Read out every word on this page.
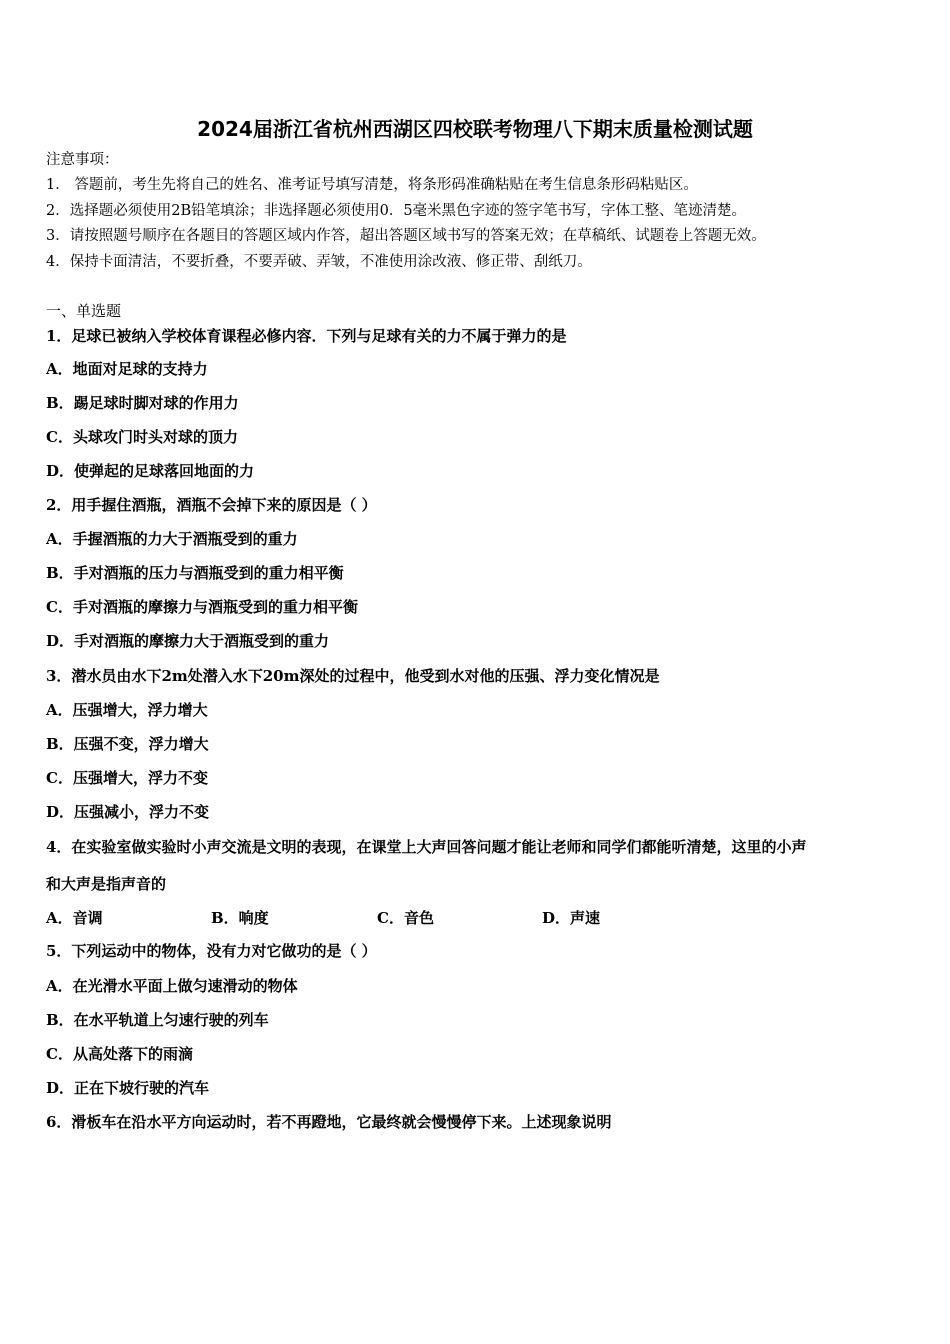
2024届浙江省杭州西湖区四校联考物理八下期末质量检测试题
注意事项：
1． 答题前，考生先将自己的姓名、准考证号填写清楚，将条形码准确粘贴在考生信息条形码粘贴区。
2．选择题必须使用2B铅笔填涂；非选择题必须使用0．5毫米黑色字迹的签字笔书写，字体工整、笔迹清楚。
3．请按照题号顺序在各题目的答题区域内作答，超出答题区域书写的答案无效；在草稿纸、试题卷上答题无效。
4．保持卡面清洁，不要折叠，不要弄破、弄皱，不准使用涂改液、修正带、刮纸刀。
一、单选题
1．足球已被纳入学校体育课程必修内容．下列与足球有关的力不属于弹力的是
A．地面对足球的支持力
B．踢足球时脚对球的作用力
C．头球攻门时头对球的顶力
D．使弹起的足球落回地面的力
2．用手握住酒瓶，酒瓶不会掉下来的原因是（ ）
A．手握酒瓶的力大于酒瓶受到的重力
B．手对酒瓶的压力与酒瓶受到的重力相平衡
C．手对酒瓶的摩擦力与酒瓶受到的重力相平衡
D．手对酒瓶的摩擦力大于酒瓶受到的重力
3．潜水员由水下2m处潜入水下20m深处的过程中，他受到水对他的压强、浮力变化情况是
A．压强增大，浮力增大
B．压强不变，浮力增大
C．压强增大，浮力不变
D．压强减小，浮力不变
4．在实验室做实验时小声交流是文明的表现，在课堂上大声回答问题才能让老师和同学们都能听清楚，这里的小声
和大声是指声音的
A．音调	B．响度	C．音色	D．声速
5．下列运动中的物体，没有力对它做功的是（ ）
A．在光滑水平面上做匀速滑动的物体
B．在水平轨道上匀速行驶的列车
C．从高处落下的雨滴
D．正在下坡行驶的汽车
6．滑板车在沿水平方向运动时，若不再蹬地，它最终就会慢慢停下来。上述现象说明
